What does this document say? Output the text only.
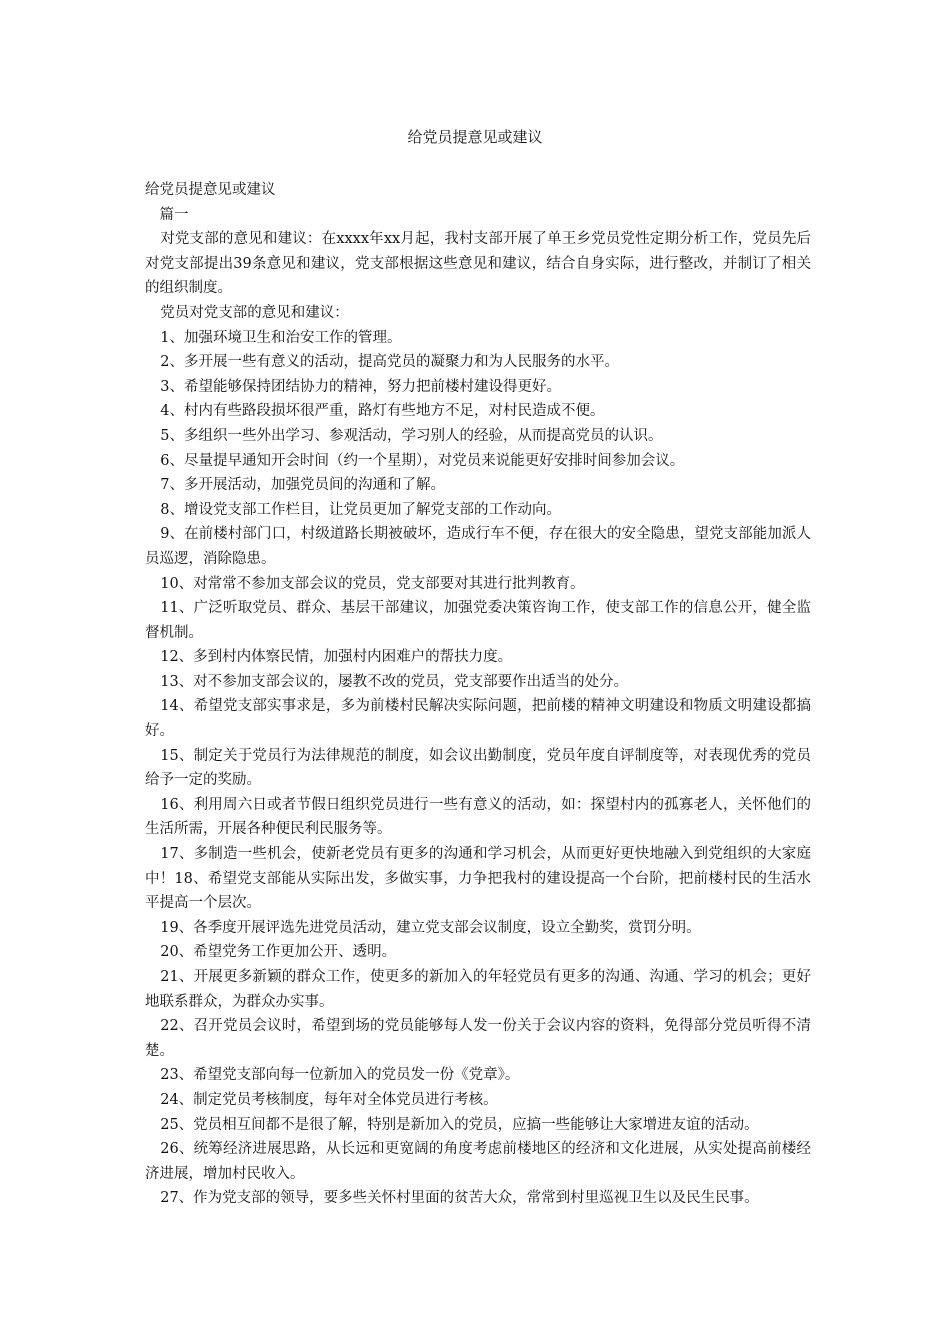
给党员提意见或建议

给党员提意见或建议

篇一

对党支部的意见和建议：在xxxx年xx月起，我村支部开展了单王乡党员党性定期分析工作，党员先后对党支部提出39条意见和建议，党支部根据这些意见和建议，结合自身实际，进行整改，并制订了相关的组织制度。

党员对党支部的意见和建议：

1、加强环境卫生和治安工作的管理。

2、多开展一些有意义的活动，提高党员的凝聚力和为人民服务的水平。

3、希望能够保持团结协力的精神，努力把前楼村建设得更好。

4、村内有些路段损坏很严重，路灯有些地方不足，对村民造成不便。

5、多组织一些外出学习、参观活动，学习别人的经验，从而提高党员的认识。

6、尽量提早通知开会时间（约一个星期），对党员来说能更好安排时间参加会议。

7、多开展活动，加强党员间的沟通和了解。

8、增设党支部工作栏目，让党员更加了解党支部的工作动向。

9、在前楼村部门口，村级道路长期被破坏，造成行车不便，存在很大的安全隐患，望党支部能加派人员巡逻，消除隐患。

10、对常常不参加支部会议的党员，党支部要对其进行批判教育。

11、广泛听取党员、群众、基层干部建议，加强党委决策咨询工作，使支部工作的信息公开，健全监督机制。

12、多到村内体察民情，加强村内困难户的帮扶力度。

13、对不参加支部会议的，屡教不改的党员，党支部要作出适当的处分。

14、希望党支部实事求是，多为前楼村民解决实际问题，把前楼的精神文明建设和物质文明建设都搞好。

15、制定关于党员行为法律规范的制度，如会议出勤制度，党员年度自评制度等，对表现优秀的党员给予一定的奖励。

16、利用周六日或者节假日组织党员进行一些有意义的活动，如：探望村内的孤寡老人，关怀他们的生活所需，开展各种便民利民服务等。

17、多制造一些机会，使新老党员有更多的沟通和学习机会，从而更好更快地融入到党组织的大家庭中！18、希望党支部能从实际出发，多做实事，力争把我村的建设提高一个台阶，把前楼村民的生活水平提高一个层次。

19、各季度开展评选先进党员活动，建立党支部会议制度，设立全勤奖，赏罚分明。

20、希望党务工作更加公开、透明。

21、开展更多新颖的群众工作，使更多的新加入的年轻党员有更多的沟通、沟通、学习的机会；更好地联系群众，为群众办实事。

22、召开党员会议时，希望到场的党员能够每人发一份关于会议内容的资料，免得部分党员听得不清楚。

23、希望党支部向每一位新加入的党员发一份《党章》。

24、制定党员考核制度，每年对全体党员进行考核。

25、党员相互间都不是很了解，特别是新加入的党员，应搞一些能够让大家增进友谊的活动。

26、统筹经济进展思路，从长远和更宽阔的角度考虑前楼地区的经济和文化进展，从实处提高前楼经济进展，增加村民收入。

27、作为党支部的领导，要多些关怀村里面的贫苦大众，常常到村里巡视卫生以及民生民事。
